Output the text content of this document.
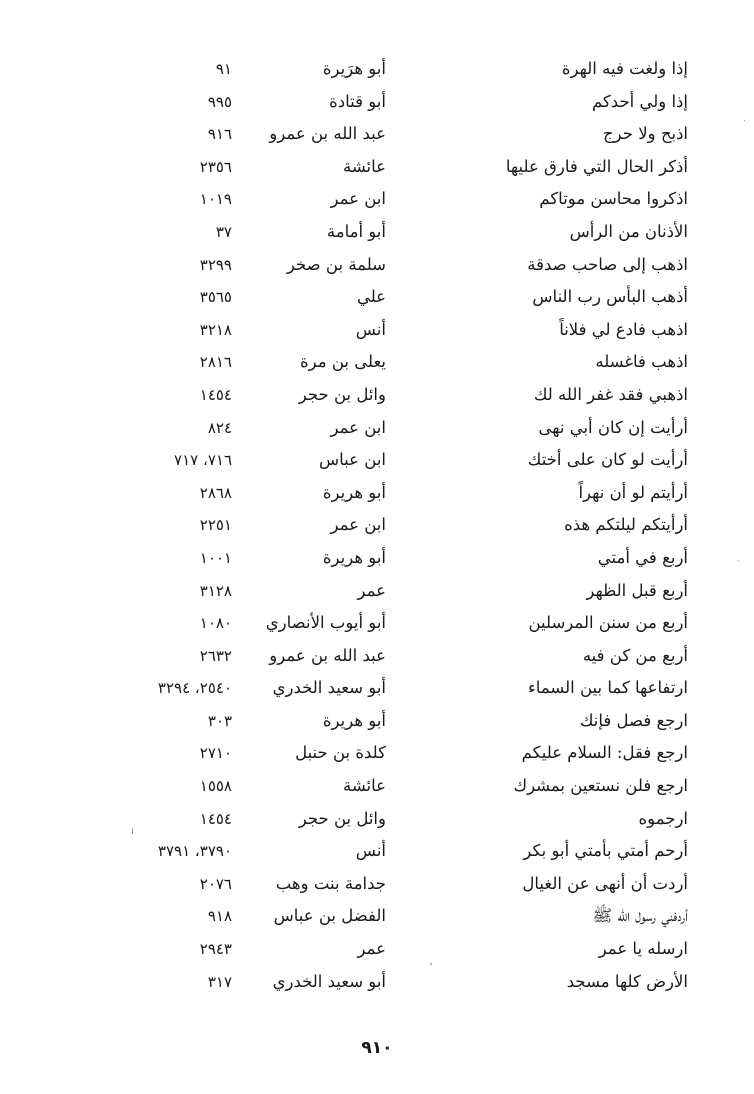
إذا ولغت فيه الهرة
أبو هرَيرة
٩١
إذا ولي أحدكم
أبو قتادة
٩٩٥
اذبح ولا حرج
عبد الله بن عمرو
٩١٦
أذكر الحال التي فارق عليها
عائشة
٢٣٥٦
اذكروا محاسن موتاكم
ابن عمر
١٠١٩
الأذنان من الرأس
أبو أمامة
٣٧
اذهب إلى صاحب صدقة
سلمة بن صخر
٣٢٩٩
أذهب البأس رب الناس
علي
٣٥٦٥
اذهب فادع لي فلاناً
أنس
٣٢١٨
اذهب فاغسله
يعلى بن مرة
٢٨١٦
اذهبي فقد غفر الله لك
وائل بن حجر
١٤٥٤
أرأيت إن كان أبي نهى
ابن عمر
٨٢٤
أرأيت لو كان على أختك
ابن عباس
٧١٦، ٧١٧
أرأيتم لو أن نهراً
أبو هريرة
٢٨٦٨
أرأيتكم ليلتكم هذه
ابن عمر
٢٢٥١
أربع في أمتي
أبو هريرة
١٠٠١
أربع قبل الظهر
عمر
٣١٢٨
أربع من سنن المرسلين
أبو أيوب الأنصاري
١٠٨٠
أربع من كن فيه
عبد الله بن عمرو
٢٦٣٢
ارتفاعها كما بين السماء
أبو سعيد الخدري
٢٥٤٠، ٣٢٩٤
ارجع فصل فإنك
أبو هريرة
٣٠٣
ارجع فقل: السلام عليكم
كلدة بن حنبل
٢٧١٠
ارجع فلن نستعين بمشرك
عائشة
١٥٥٨
ارجموه
وائل بن حجر
١٤٥٤
أرحم أمتي بأمتي أبو بكر
أنس
٣٧٩٠، ٣٧٩١
أردت أن أنهى عن الغيال
جدامة بنت وهب
٢٠٧٦
أردفني رسول الله ﷺ
الفضل بن عباس
٩١٨
ارسله يا عمر
عمر
٢٩٤٣
الأرض كلها مسجد
أبو سعيد الخدري
٣١٧
٩١٠
